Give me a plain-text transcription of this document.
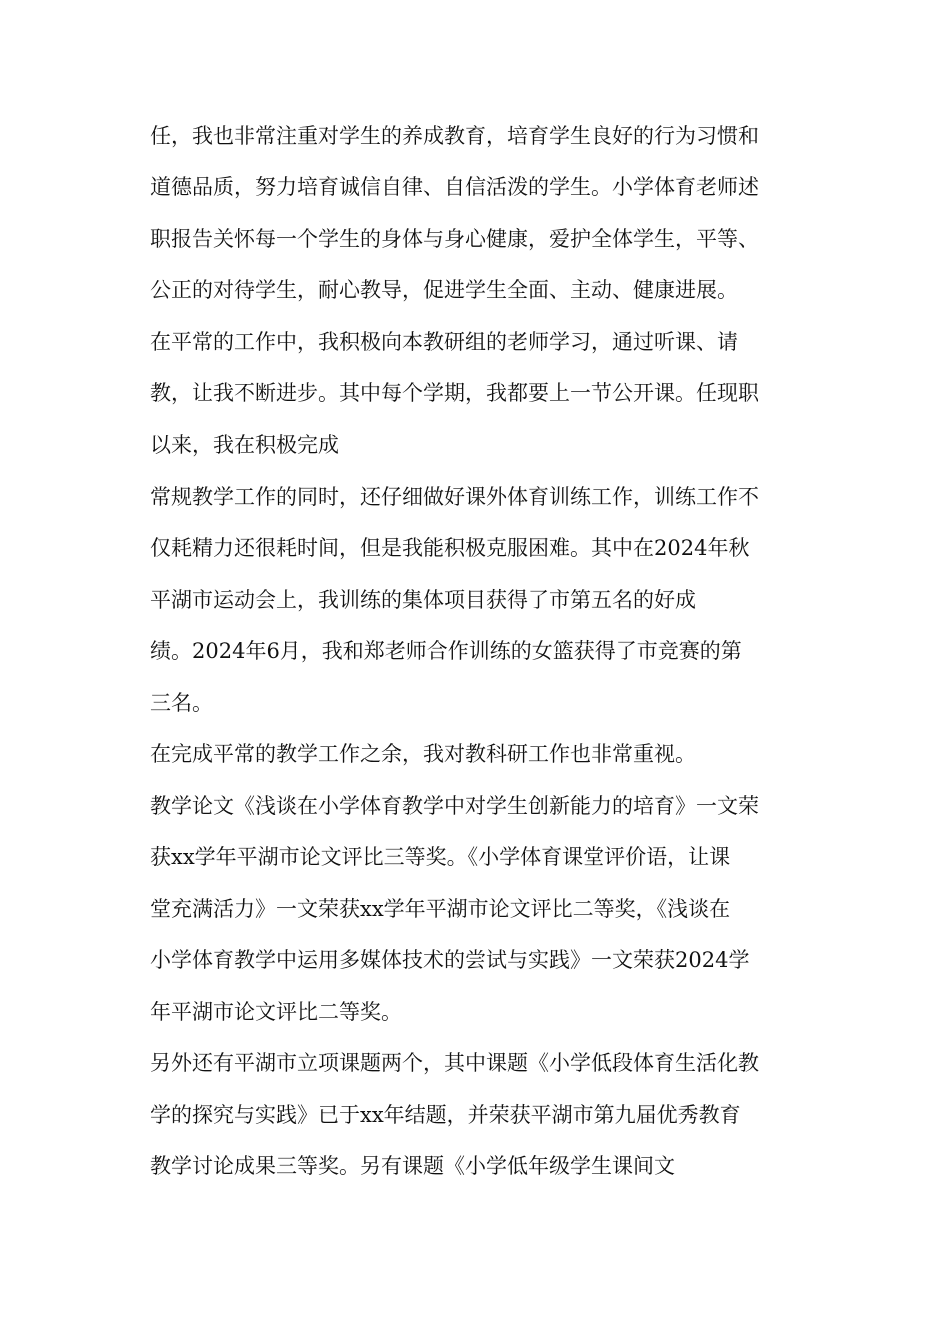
任，我也非常注重对学生的养成教育，培育学生良好的行为习惯和
道德品质，努力培育诚信自律、自信活泼的学生。小学体育老师述
职报告关怀每一个学生的身体与身心健康，爱护全体学生，平等、
公正的对待学生，耐心教导，促进学生全面、主动、健康进展。
在平常的工作中，我积极向本教研组的老师学习，通过听课、请
教，让我不断进步。其中每个学期，我都要上一节公开课。任现职
以来，我在积极完成
常规教学工作的同时，还仔细做好课外体育训练工作，训练工作不
仅耗精力还很耗时间，但是我能积极克服困难。其中在2024年秋
平湖市运动会上，我训练的集体项目获得了市第五名的好成
绩。2024年6月，我和郑老师合作训练的女篮获得了市竞赛的第
三名。
在完成平常的教学工作之余，我对教科研工作也非常重视。
教学论文《浅谈在小学体育教学中对学生创新能力的培育》一文荣
获xx学年平湖市论文评比三等奖。《小学体育课堂评价语，让课
堂充满活力》一文荣获xx学年平湖市论文评比二等奖，《浅谈在
小学体育教学中运用多媒体技术的尝试与实践》一文荣获2024学
年平湖市论文评比二等奖。
另外还有平湖市立项课题两个，其中课题《小学低段体育生活化教
学的探究与实践》已于xx年结题，并荣获平湖市第九届优秀教育
教学讨论成果三等奖。另有课题《小学低年级学生课间文
